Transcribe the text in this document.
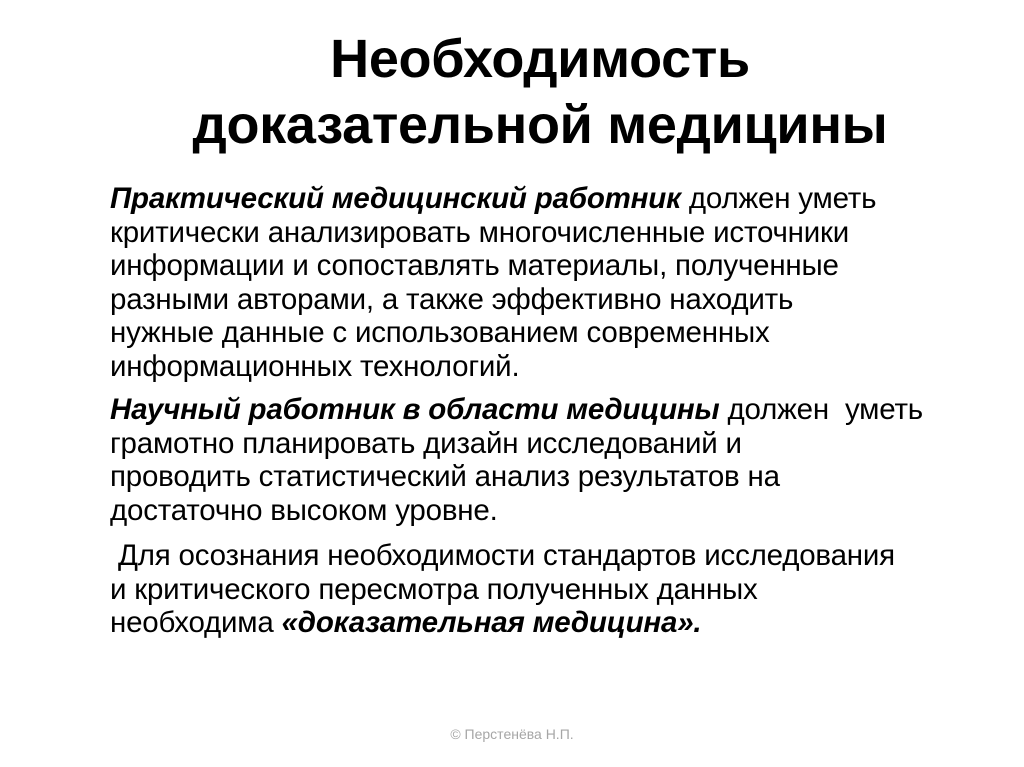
Необходимость
доказательной медицины

Практический медицинский работник должен уметь
критически анализировать многочисленные источники
информации и сопоставлять материалы, полученные
разными авторами, а также эффективно находить
нужные данные с использованием современных
информационных технологий.

Научный работник в области медицины должен  уметь
грамотно планировать дизайн исследований и
проводить статистический анализ результатов на
достаточно высоком уровне.

Для осознания необходимости стандартов исследования
и критического пересмотра полученных данных
необходима «доказательная медицина».

© Перстенёва Н.П.
